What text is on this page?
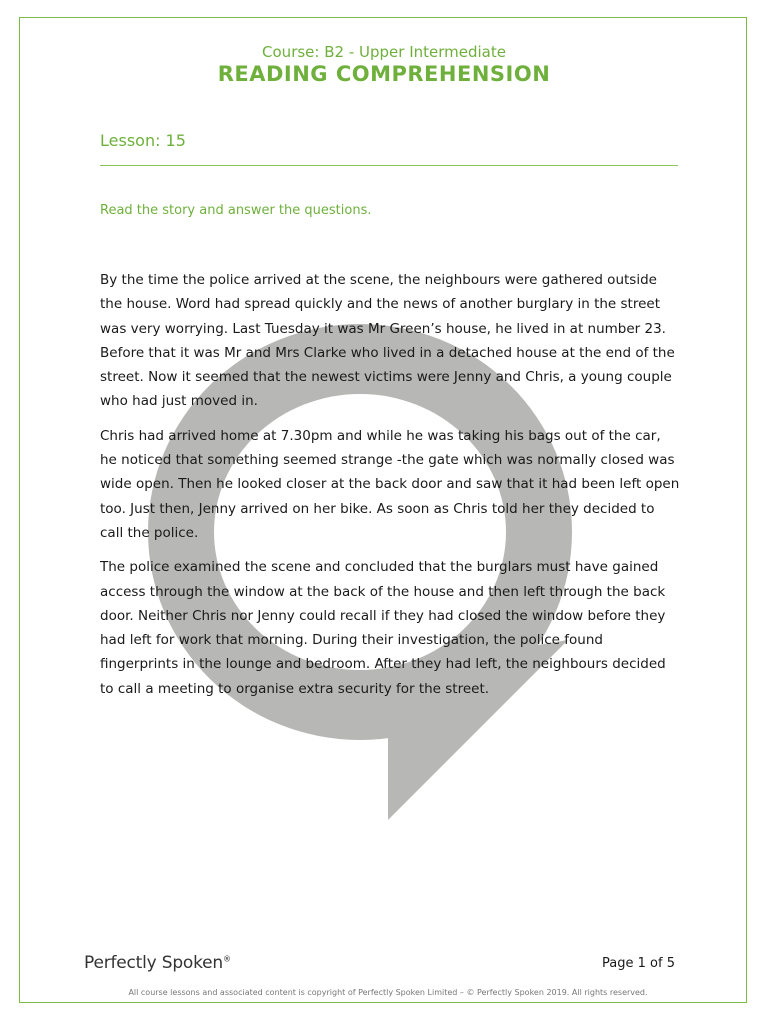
Course: B2 - Upper Intermediate
READING COMPREHENSION
Lesson: 15
Read the story and answer the questions.

By the time the police arrived at the scene, the neighbours were gathered outside the house. Word had spread quickly and the news of another burglary in the street was very worrying. Last Tuesday it was Mr Green’s house, he lived in at number 23. Before that it was Mr and Mrs Clarke who lived in a detached house at the end of the street. Now it seemed that the newest victims were Jenny and Chris, a young couple who had just moved in.

Chris had arrived home at 7.30pm and while he was taking his bags out of the car, he noticed that something seemed strange -the gate which was normally closed was wide open. Then he looked closer at the back door and saw that it had been left open too. Just then, Jenny arrived on her bike. As soon as Chris told her they decided to call the police.

The police examined the scene and concluded that the burglars must have gained access through the window at the back of the house and then left through the back door. Neither Chris nor Jenny could recall if they had closed the window before they had left for work that morning. During their investigation, the police found fingerprints in the lounge and bedroom. After they had left, the neighbours decided to call a meeting to organise extra security for the street.

Perfectly Spoken®	Page 1 of 5
All course lessons and associated content is copyright of Perfectly Spoken Limited – © Perfectly Spoken 2019. All rights reserved.
